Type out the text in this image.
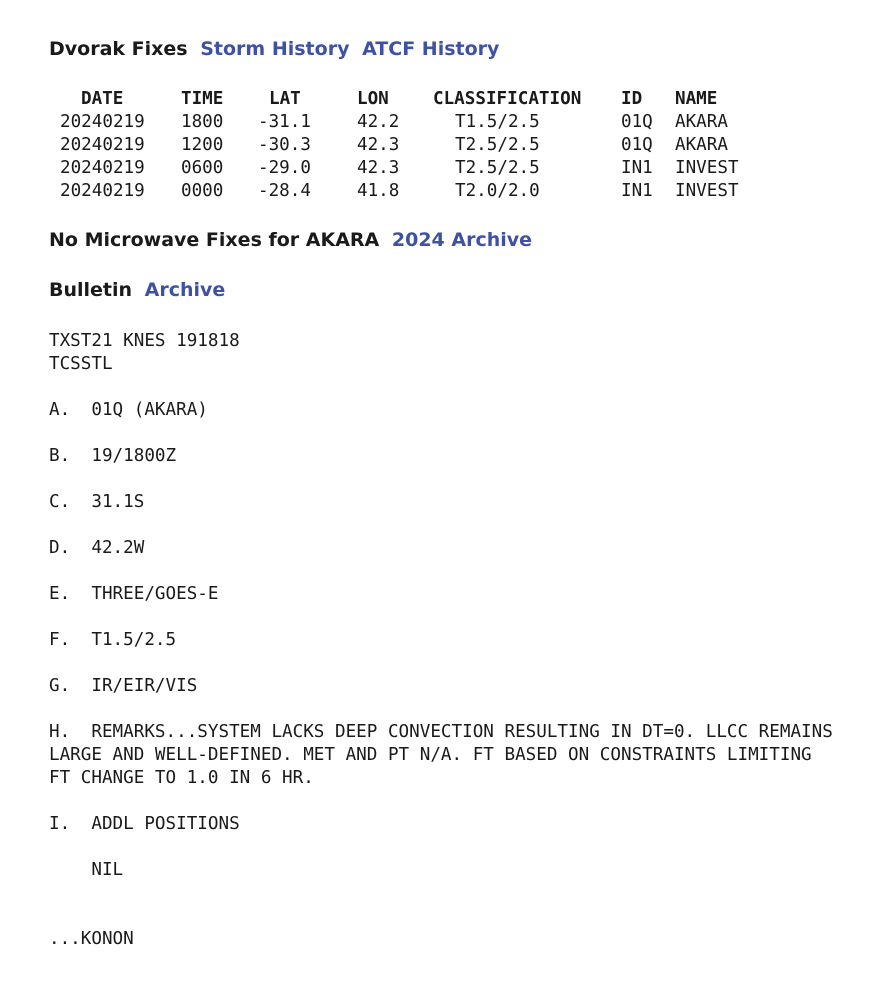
Dvorak Fixes Storm History ATCF History
DATE	TIME	LAT	LON	CLASSIFICATION ID NAME
20240219 1800 -31.1	42.2	T1.5/2.5	01Q AKARA
20240219 1200 -30.3	42.3	T2.5/2.5	01Q AKARA
20240219 0600 -29.0	42.3	T2.5/2.5	IN1 INVEST
20240219 0000 -28.4	41.8	T2.0/2.0	IN1 INVEST
No Microwave Fixes for AKARA 2024 Archive
Bulletin Archive
TXST21 KNES 191818
TCSSTL
A.  01Q (AKARA)
B.  19/1800Z
C.  31.1S
D.  42.2W
E.  THREE/GOES-E
F.  T1.5/2.5
G.  IR/EIR/VIS
H.  REMARKS...SYSTEM LACKS DEEP CONVECTION RESULTING IN DT=0. LLCC REMAINS
LARGE AND WELL-DEFINED. MET AND PT N/A. FT BASED ON CONSTRAINTS LIMITING
FT CHANGE TO 1.0 IN 6 HR.
I.  ADDL POSITIONS
NIL
...KONON
